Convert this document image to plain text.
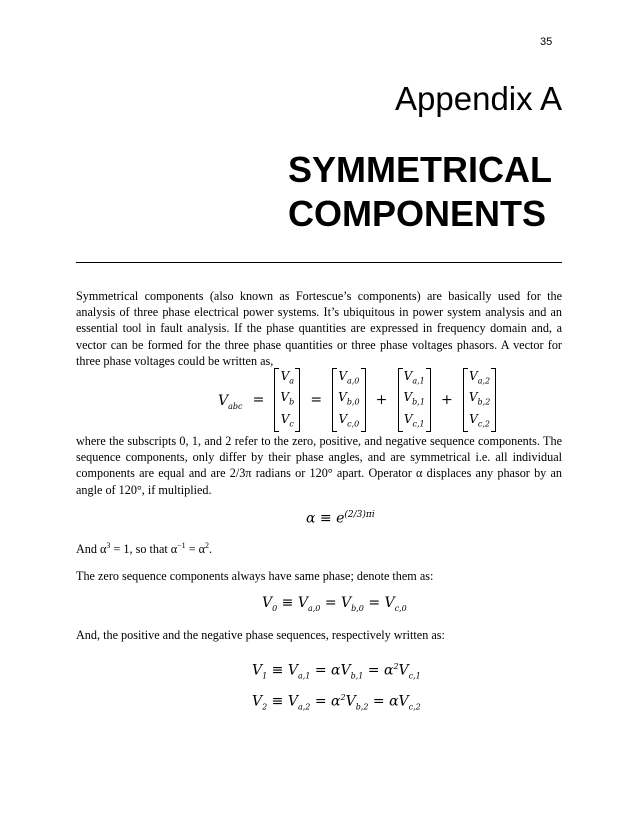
35
Appendix A
SYMMETRICAL
COMPONENTS

Symmetrical components (also known as Fortescue’s components) are basically used for the analysis of three phase electrical power systems. It’s ubiquitous in power system analysis and an essential tool in fault analysis. If the phase quantities are expressed in frequency domain and, a vector can be formed for the three phase quantities or three phase voltages phasors. A vector for three phase voltages could be written as,

$V_{abc}$ =
$V_a$
$V_b$
$V_c$
=
$V_{a,0}$
$V_{b,0}$
$V_{c,0}$
+
$V_{a,1}$
$V_{b,1}$
$V_{c,1}$
+
$V_{a,2}$
$V_{b,2}$
$V_{c,2}$

where the subscripts 0, 1, and 2 refer to the zero, positive, and negative sequence components. The sequence components, only differ by their phase angles, and are symmetrical i.e. all individual components are equal and are 2/3π radians or 120° apart. Operator α displaces any phasor by an angle of 120°, if multiplied.

$\alpha \equiv e^{(2/3)\pi i}$

And $\alpha^3 = 1$, so that $\alpha^{-1} = \alpha^2$.

The zero sequence components always have same phase; denote them as:

$V_0 \equiv V_{a,0} = V_{b,0} = V_{c,0}$

And, the positive and the negative phase sequences, respectively written as:

$V_1 \equiv V_{a,1} = \alpha V_{b,1} = \alpha^2V_{c,1}$
$V_2 \equiv V_{a,2} = \alpha^2V_{b,2} = \alpha V_{c,2}$
